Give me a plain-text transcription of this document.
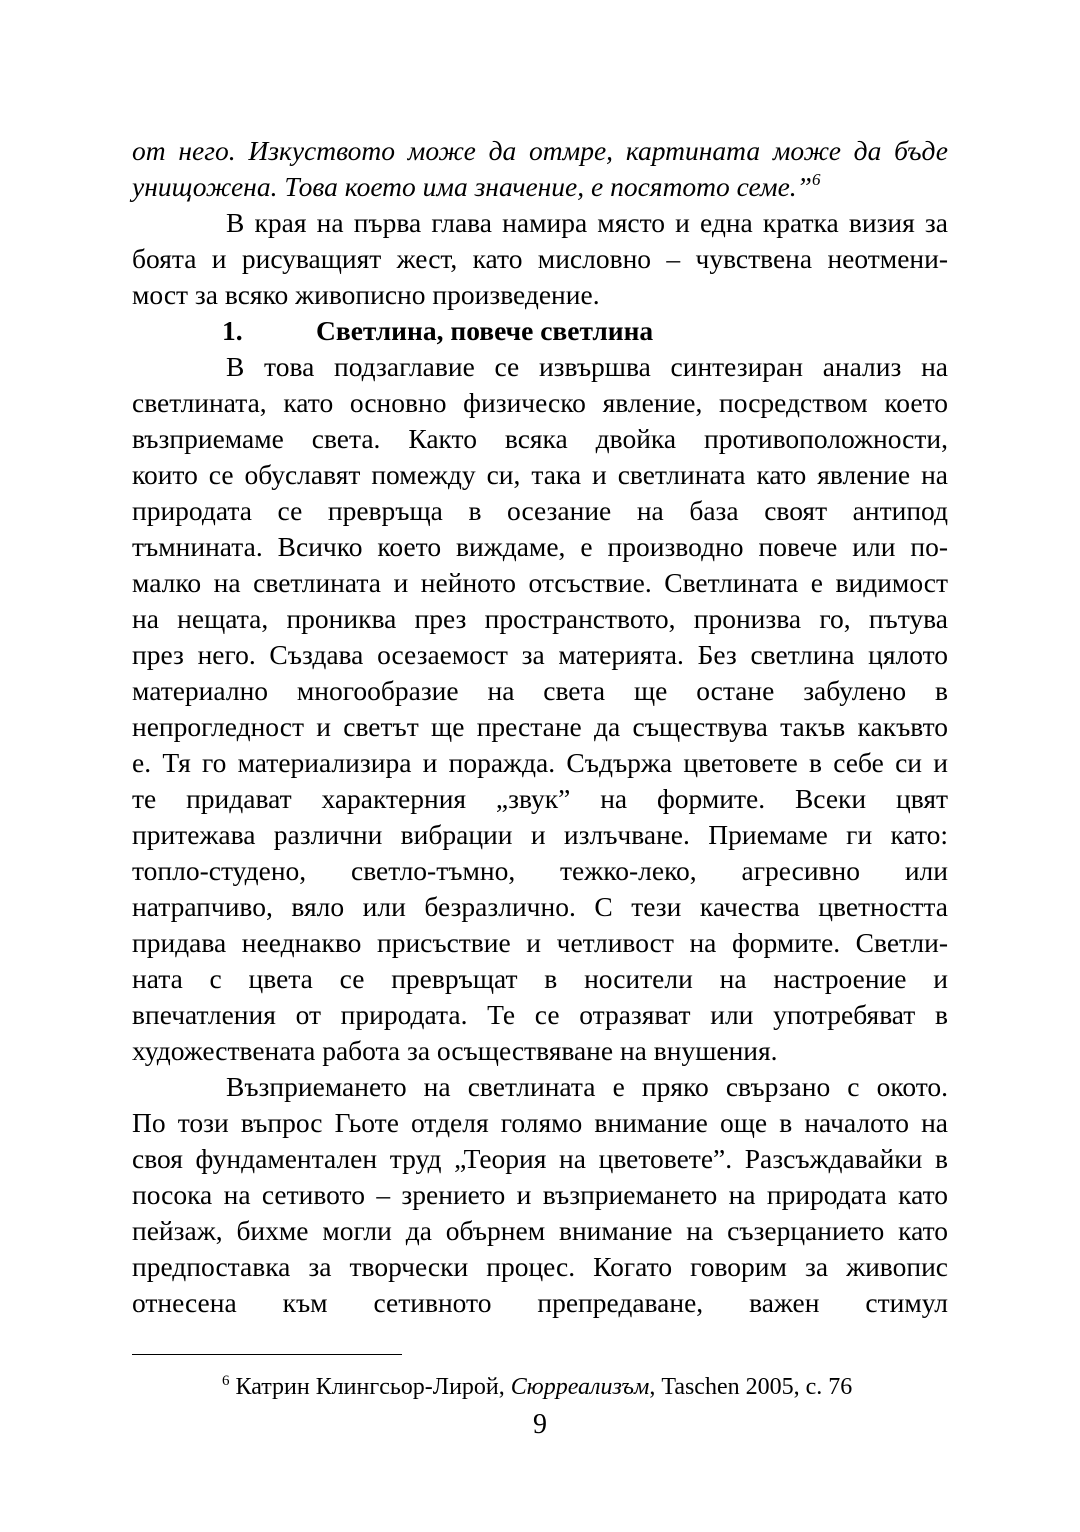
от него. Изкуството може да отмре, картината може да бъде
унищожена. Това което има значение, е посятото семе.”$^6$
В края на първа глава намира място и една кратка визия за
боята и рисуващият жест, като мисловно – чувствена неотмени-
мост за всяко живописно произведение.
1.	Светлина, повече светлина
В това подзаглавие се извършва синтезиран анализ на
светлината, като основно физическо явление, посредством което
възприемаме света. Както всяка двойка противоположности,
които се обуславят помежду си, така и светлината като явление на
природата се превръща в осезание на база своят антипод
тъмнината. Всичко което виждаме, е производно повече или по-
малко на светлината и нейното отсъствие. Светлината е видимост
на нещата, прониква през пространството, пронизва го, пътува
през него. Създава осезаемост за материята. Без светлина цялото
материално многообразие на света ще остане забулено в
непрогледност и светът ще престане да съществува такъв какъвто
е. Тя го материализира и поражда. Съдържа цветовете в себе си и
те придават характерния „звук” на формите. Всеки цвят
притежава различни вибрации и излъчване. Приемаме ги като:
топло-студено, светло-тъмно, тежко-леко, агресивно или
натрапчиво, вяло или безразлично. С тези качества цветността
придава нееднакво присъствие и четливост на формите. Светли-
ната с цвета се превръщат в носители на настроение и
впечатления от природата. Те се отразяват или употребяват в
художествената работа за осъществяване на внушения.
Възприемането на светлината е пряко свързано с окото.
По този въпрос Гьоте отделя голямо внимание още в началото на
своя фундаментален труд „Теория на цветовете”. Разсъждавайки в
посока на сетивото – зрението и възприемането на природата като
пейзаж, бихме могли да обърнем внимание на съзерцанието като
предпоставка за творчески процес. Когато говорим за живопис
отнесена към сетивното препредаване, важен стимул
$^6$ Катрин Клингсьор-Лирой, Сюрреализъм, Taschen 2005, с. 76
9
